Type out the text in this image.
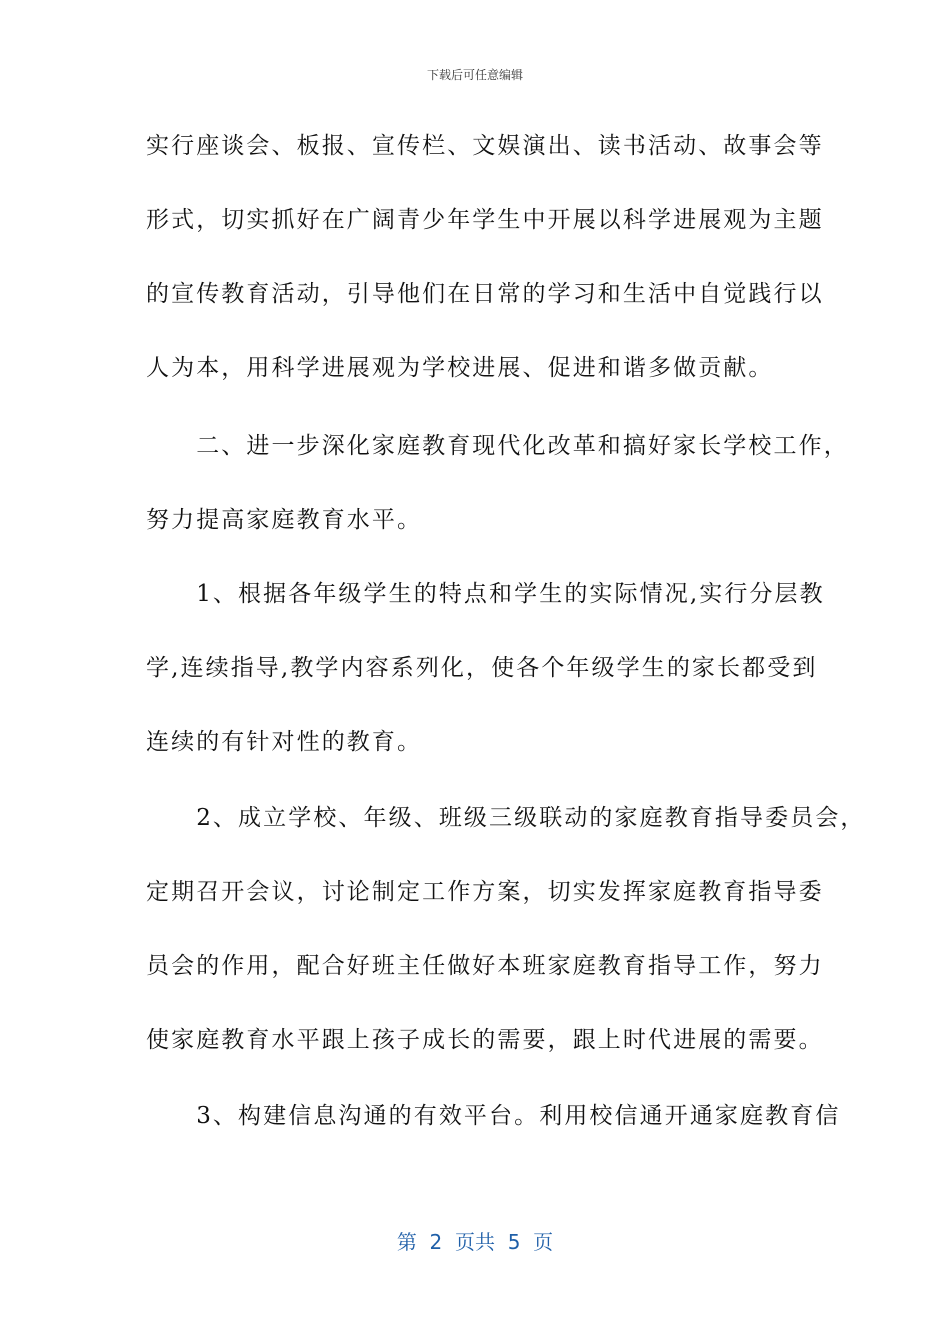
下载后可任意编辑
实行座谈会、板报、宣传栏、文娱演出、读书活动、故事会等
形式，切实抓好在广阔青少年学生中开展以科学进展观为主题
的宣传教育活动，引导他们在日常的学习和生活中自觉践行以
人为本，用科学进展观为学校进展、促进和谐多做贡献。
　　二、进一步深化家庭教育现代化改革和搞好家长学校工作，
努力提高家庭教育水平。
　　1、根据各年级学生的特点和学生的实际情况,实行分层教
学,连续指导,教学内容系列化，使各个年级学生的家长都受到
连续的有针对性的教育。
　　2、成立学校、年级、班级三级联动的家庭教育指导委员会，
定期召开会议，讨论制定工作方案，切实发挥家庭教育指导委
员会的作用，配合好班主任做好本班家庭教育指导工作，努力
使家庭教育水平跟上孩子成长的需要，跟上时代进展的需要。
　　3、构建信息沟通的有效平台。利用校信通开通家庭教育信
第  2  页共  5  页
